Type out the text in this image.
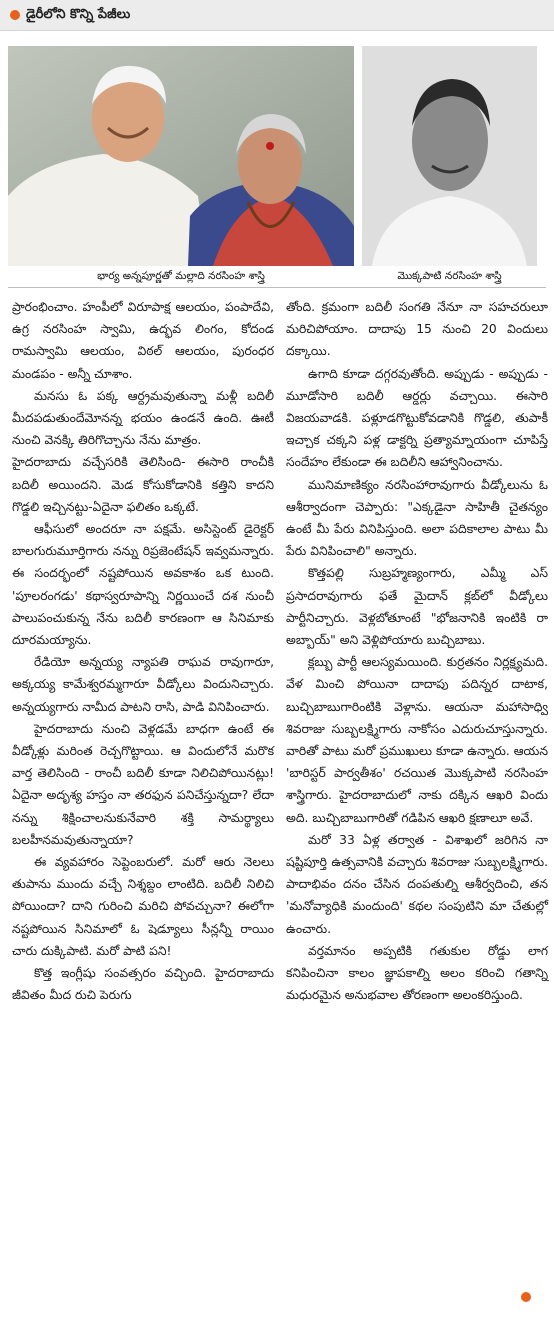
డైరీలోని కొన్ని పేజీలు
భార్య అన్నపూర్ణతో మల్లాది నరసింహ శాస్త్రి	మొక్కపాటి నరసింహ శాస్త్రి

ప్రారంభించాం. హంపీలో విరూపాక్ష ఆలయం, పంపాదేవి, ఉగ్ర నరసింహ స్వామి, ఉద్భవ లింగం, కోదండ రామస్వామి ఆలయం, విఠల్ ఆలయం, పురంధర మండపం - అన్నీ చూశాం.

మనసు ఓ పక్క ఆర్ద్రమవుతున్నా మళ్లీ బదిలీ మీదపడుతుందేమోనన్న భయం ఉండనే ఉంది. ఊటీ నుంచి వెనక్కి తిరిగొచ్చాను నేను మాత్రం.

హైదరాబాదు వచ్చేసరికి తెలిసింది- ఈసారి రాంచీకి బదిలీ అయిందని. మెడ కోసుకోడానికి కత్తిని కాదని గొడ్డలి ఇచ్చినట్టు-ఏదైనా ఫలితం ఒక్కటే.

ఆఫీసులో అందరూ నా పక్షమే. అసిస్టెంట్ డైరెక్టర్ బాలగురుమూర్తిగారు నన్ను రిప్రజెంటేషన్ ఇవ్వమన్నారు. ఈ సందర్భంలో నష్టపోయిన అవకాశం ఒక టుంది. 'పూలరంగడు' కథాస్వరూపాన్ని నిర్ణయించే దశ నుంచీ పాలుపంచుకున్న నేను బదిలీ కారణంగా ఆ సినిమాకు దూరమయ్యాను.

రేడియో అన్నయ్య న్యాపతి రాఘవ రావుగారూ, అక్కయ్య కామేశ్వరమ్మగారూ వీడ్కోలు విందునిచ్చారు. అన్నయ్యగారు నామీద పాటని రాసి, పాడి వినిపించారు.

హైదరాబాదు నుంచి వెళ్లడమే బాధగా ఉంటే ఈ వీడ్కోళ్లు మరింత రెచ్చగొట్టాయి. ఆ విందులోనే మరొక వార్త తెలిసింది - రాంచీ బదిలీ కూడా నిలిచిపోయినట్లు! ఏదైనా అదృశ్య హస్తం నా తరఫున పనిచేస్తున్నదా? లేదా నన్ను శిక్షించాలనుకునేవారి శక్తి సామర్థ్యాలు బలహీనమవుతున్నాయా?

ఈ వ్యవహారం సెప్టెంబరులో. మరో ఆరు నెలలు తుపాను ముందు వచ్చే నిశ్శబ్దం లాంటిది. బదిలీ నిలిచి పోయిందా? దాని గురించి మరిచి పోవచ్చునా? ఈలోగా నష్టపోయిన సినిమాలో ఓ షెడ్యూలు సీన్లన్నీ రాయిం చారు దుక్కిపాటి. మరో పాటి పని!

కొత్త ఇంగ్లీషు సంవత్సరం వచ్చింది. హైదరాబాదు జీవితం మీద రుచి పెరుగు

తోంది. క్రమంగా బదిలీ సంగతి నేనూ నా సహచరులూ మరిచిపోయాం. దాదాపు 15 నుంచి 20 విందులు దక్కాయి.

ఉగాది కూడా దగ్గరవుతోంది. అప్పుడు - అప్పుడు - మూడోసారి బదిలీ ఆర్డర్లు వచ్చాయి. ఈసారి విజయవాడకి. పళ్లూడగొట్టుకోవడానికి గొడ్డలి, తుపాకీ ఇచ్చాక చక్కని పళ్ల డాక్టర్ని ప్రత్యామ్నాయంగా చూపిస్తే సందేహం లేకుండా ఈ బదిలీని ఆహ్వానించాను.

మునిమాణిక్యం నరసింహారావుగారు వీడ్కోలును ఓ ఆశీర్వాదంగా చెప్పారు: "ఎక్కడైనా సాహితీ చైతన్యం ఉంటే మీ పేరు వినిపిస్తుంది. అలా పదికాలాల పాటు మీ పేరు వినిపించాలి" అన్నారు.

కొత్తపల్లి సుబ్రహ్మణ్యంగారు, ఎమ్మీ ఎస్ ప్రసాదరావుగారు ఫతే మైదాన్ క్లబ్‌లో వీడ్కోలు పార్టీనిచ్చారు. వెళ్లబోతూంటే "భోజనానికి ఇంటికి రా అబ్బాయ్" అని వెళ్లిపోయారు బుచ్చిబాబు.

క్లబ్బు పార్టీ ఆలస్యమయింది. కుర్రతనం నిర్లక్ష్యమది. వేళ మించి పోయినా దాదాపు పదిన్నర దాటాక, బుచ్చిబాబుగారింటికి వెళ్లాను. ఆయనా మహాసాధ్వి శివరాజు సుబ్బలక్ష్మిగారు నాకోసం ఎదురుచూస్తున్నారు. వారితో పాటు మరో ప్రముఖులు కూడా ఉన్నారు. ఆయన 'బారిస్టర్ పార్వతీశం' రచయిత మొక్కపాటి నరసింహ శాస్త్రిగారు. హైదరాబాదులో నాకు దక్కిన ఆఖరి విందు అది. బుచ్చిబాబుగారితో గడిపిన ఆఖరి క్షణాలూ అవే.

మరో 33 ఏళ్ల తర్వాత - విశాఖలో జరిగిన నా షష్టిపూర్తి ఉత్సవానికి వచ్చారు శివరాజు సుబ్బలక్ష్మిగారు. పాదాభివం దనం చేసిన దంపతుల్ని ఆశీర్వదించి, తన 'మనోవ్యాధికి మందుంది' కథల సంపుటిని మా చేతుల్లో ఉంచారు.

వర్తమానం అప్పటికి గతుకుల రోడ్డు లాగ కనిపించినా కాలం జ్ఞాపకాల్ని అలం కరించి గతాన్ని మధురమైన అనుభవాల తోరణంగా అలంకరిస్తుంది.
